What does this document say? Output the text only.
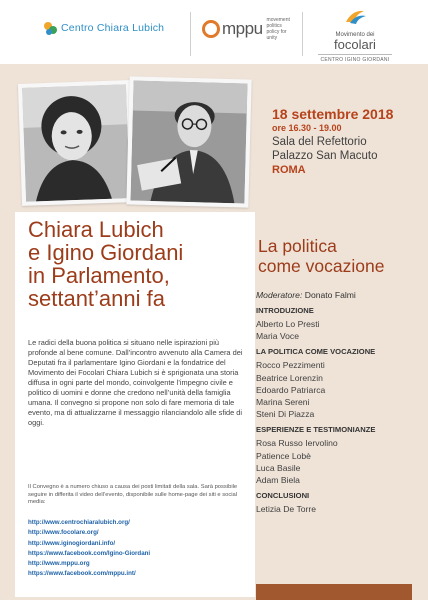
Centro Chiara Lubich	mppu movement politics policy for unity	Movimento dei
focolari
CENTRO IGINO GIORDANI
18 settembre 2018
ore 16.30 - 19.00
Sala del Refettorio
Palazzo San Macuto
ROMA
Chiara Lubich
e Igino Giordani
in Parlamento,
settant’anni fa
La politica
come vocazione
Le radici della buona politica si situano nelle ispirazioni più profonde al bene comune. Dall’incontro avvenuto alla Camera dei Deputati fra il parlamentare Igino Giordani e la fondatrice del Movimento dei Focolari Chiara Lubich si è sprigionata una storia diffusa in ogni parte del mondo, coinvolgente l’impegno civile e politico di uomini e donne che credono nell’unità della famiglia umana. Il convegno si propone non solo di fare memoria di tale evento, ma di attualizzarne il messaggio rilanciandolo alle sfide di oggi.
Il Convegno è a numero chiuso a causa dei posti limitati della sala. Sarà possibile seguire in differita il video dell’evento, disponibile sulle home-page dei siti e social media:
http://www.centrochiaralubich.org/
http://www.focolare.org/
http://www.iginogiordani.info/
https://www.facebook.com/Igino-Giordani
http://www.mppu.org
https://www.facebook.com/mppu.int/
Moderatore: Donato Falmi
INTRODUZIONE
Alberto Lo Presti
Maria Voce
LA POLITICA COME VOCAZIONE
Rocco Pezzimenti
Beatrice Lorenzin
Edoardo Patriarca
Marina Sereni
Steni Di Piazza
ESPERIENZE E TESTIMONIANZE
Rosa Russo Iervolino
Patience Lobè
Luca Basile
Adam Biela
CONCLUSIONI
Letizia De Torre
